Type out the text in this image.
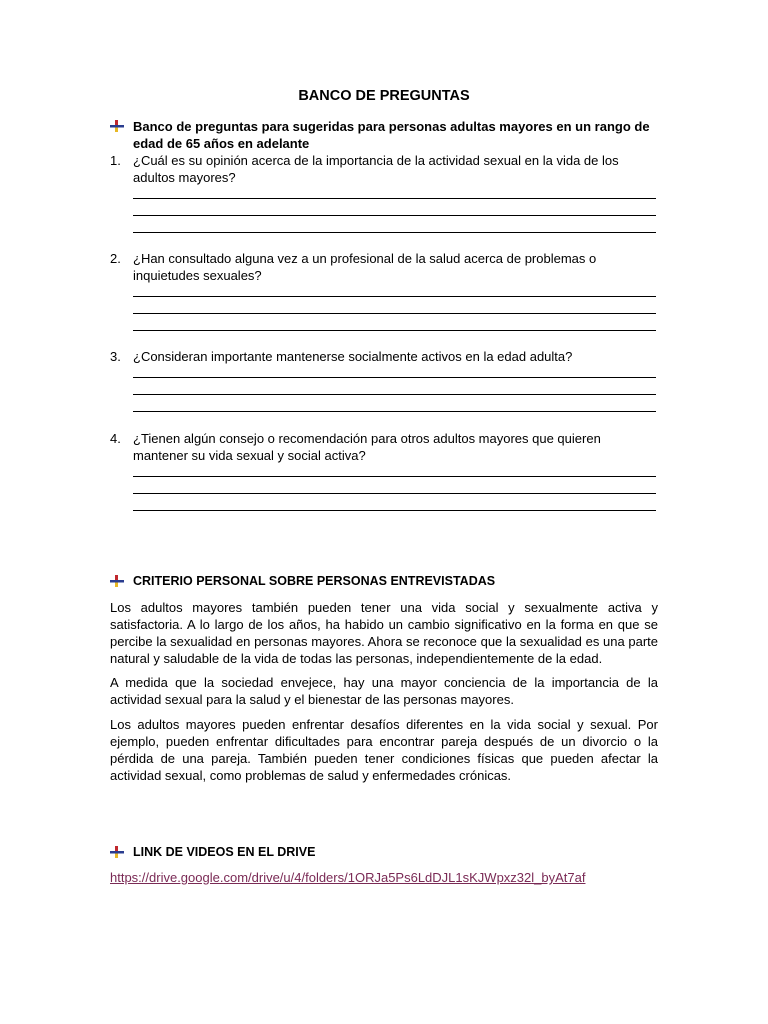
BANCO DE PREGUNTAS
Banco de preguntas para sugeridas para personas adultas mayores en un rango de edad de 65 años en adelante
1. ¿Cuál es su opinión acerca de la importancia de la actividad sexual en la vida de los adultos mayores?
2. ¿Han consultado alguna vez a un profesional de la salud acerca de problemas o inquietudes sexuales?
3. ¿Consideran importante mantenerse socialmente activos en la edad adulta?
4. ¿Tienen algún consejo o recomendación para otros adultos mayores que quieren mantener su vida sexual y social activa?
CRITERIO PERSONAL SOBRE PERSONAS ENTREVISTADAS
Los adultos mayores también pueden tener una vida social y sexualmente activa y satisfactoria. A lo largo de los años, ha habido un cambio significativo en la forma en que se percibe la sexualidad en personas mayores. Ahora se reconoce que la sexualidad es una parte natural y saludable de la vida de todas las personas, independientemente de la edad.
A medida que la sociedad envejece, hay una mayor conciencia de la importancia de la actividad sexual para la salud y el bienestar de las personas mayores.
Los adultos mayores pueden enfrentar desafíos diferentes en la vida social y sexual. Por ejemplo, pueden enfrentar dificultades para encontrar pareja después de un divorcio o la pérdida de una pareja. También pueden tener condiciones físicas que pueden afectar la actividad sexual, como problemas de salud y enfermedades crónicas.
LINK DE VIDEOS EN EL DRIVE
https://drive.google.com/drive/u/4/folders/1ORJa5Ps6LdDJL1sKJWpxz32l_byAt7af
